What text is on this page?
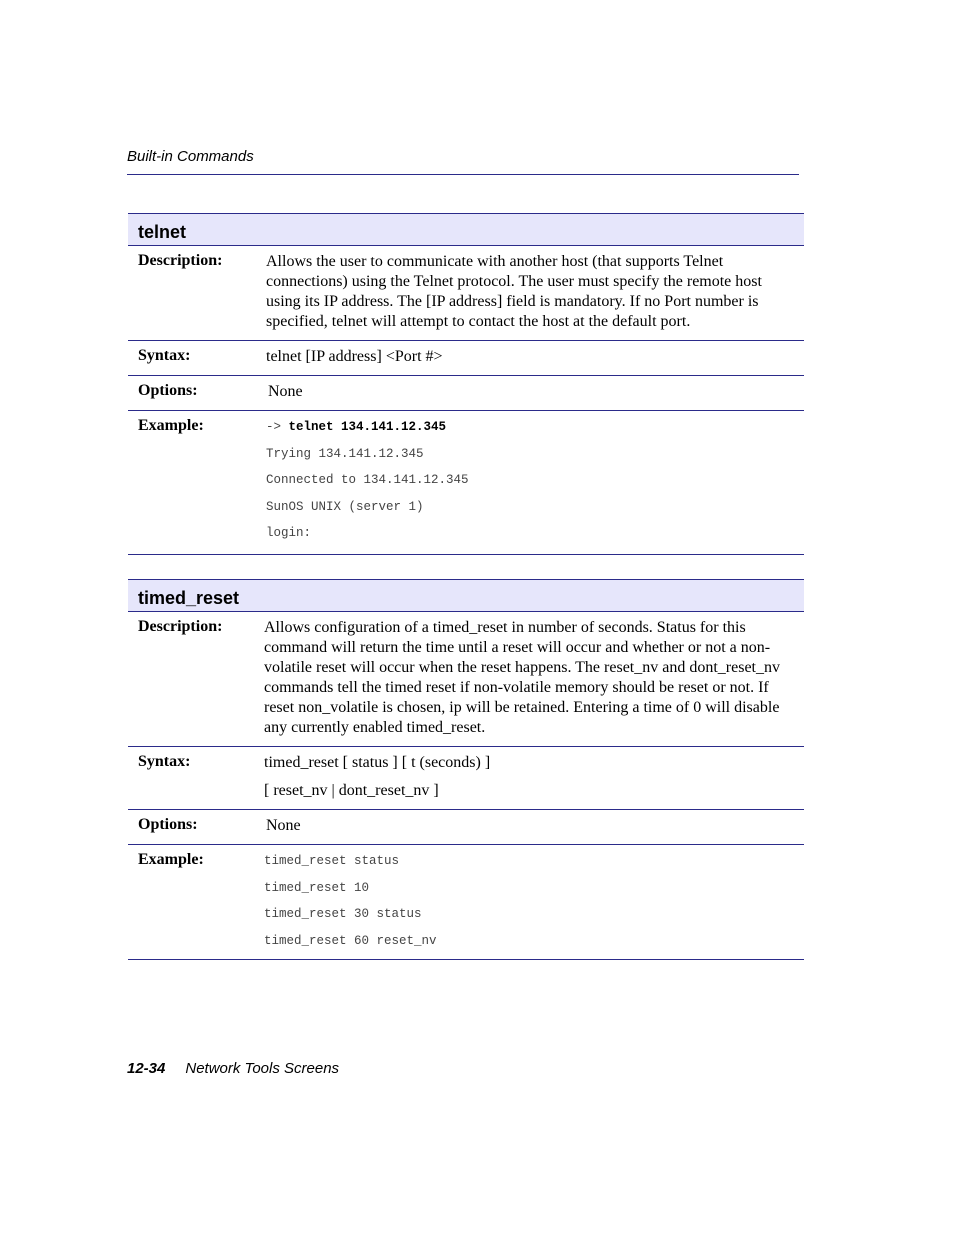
Built-in Commands
telnet	
Description:	Allows the user to communicate with another host (that supports Telnet connections) using the Telnet protocol. The user must specify the remote host using its IP address. The [IP address] field is mandatory. If no Port number is specified, telnet will attempt to contact the host at the default port.
Syntax:	telnet [IP address] <Port #>
Options:	None
Example:	-> telnet 134.141.12.345
Trying 134.141.12.345
Connected to 134.141.12.345
SunOS UNIX (server 1)
login:
timed_reset	
Description:	Allows configuration of a timed_reset in number of seconds. Status for this command will return the time until a reset will occur and whether or not a non-volatile reset will occur when the reset happens. The reset_nv and dont_reset_nv commands tell the timed reset if non-volatile memory should be reset or not. If reset non_volatile is chosen, ip will be retained. Entering a time of 0 will disable any currently enabled timed_reset.
Syntax:	timed_reset [ status ] [ t (seconds) ]

[ reset_nv | dont_reset_nv ]

Options:	None
Example:	timed_reset status
timed_reset 10
timed_reset 30 status
timed_reset 60 reset_nv
12-34 Network Tools Screens
